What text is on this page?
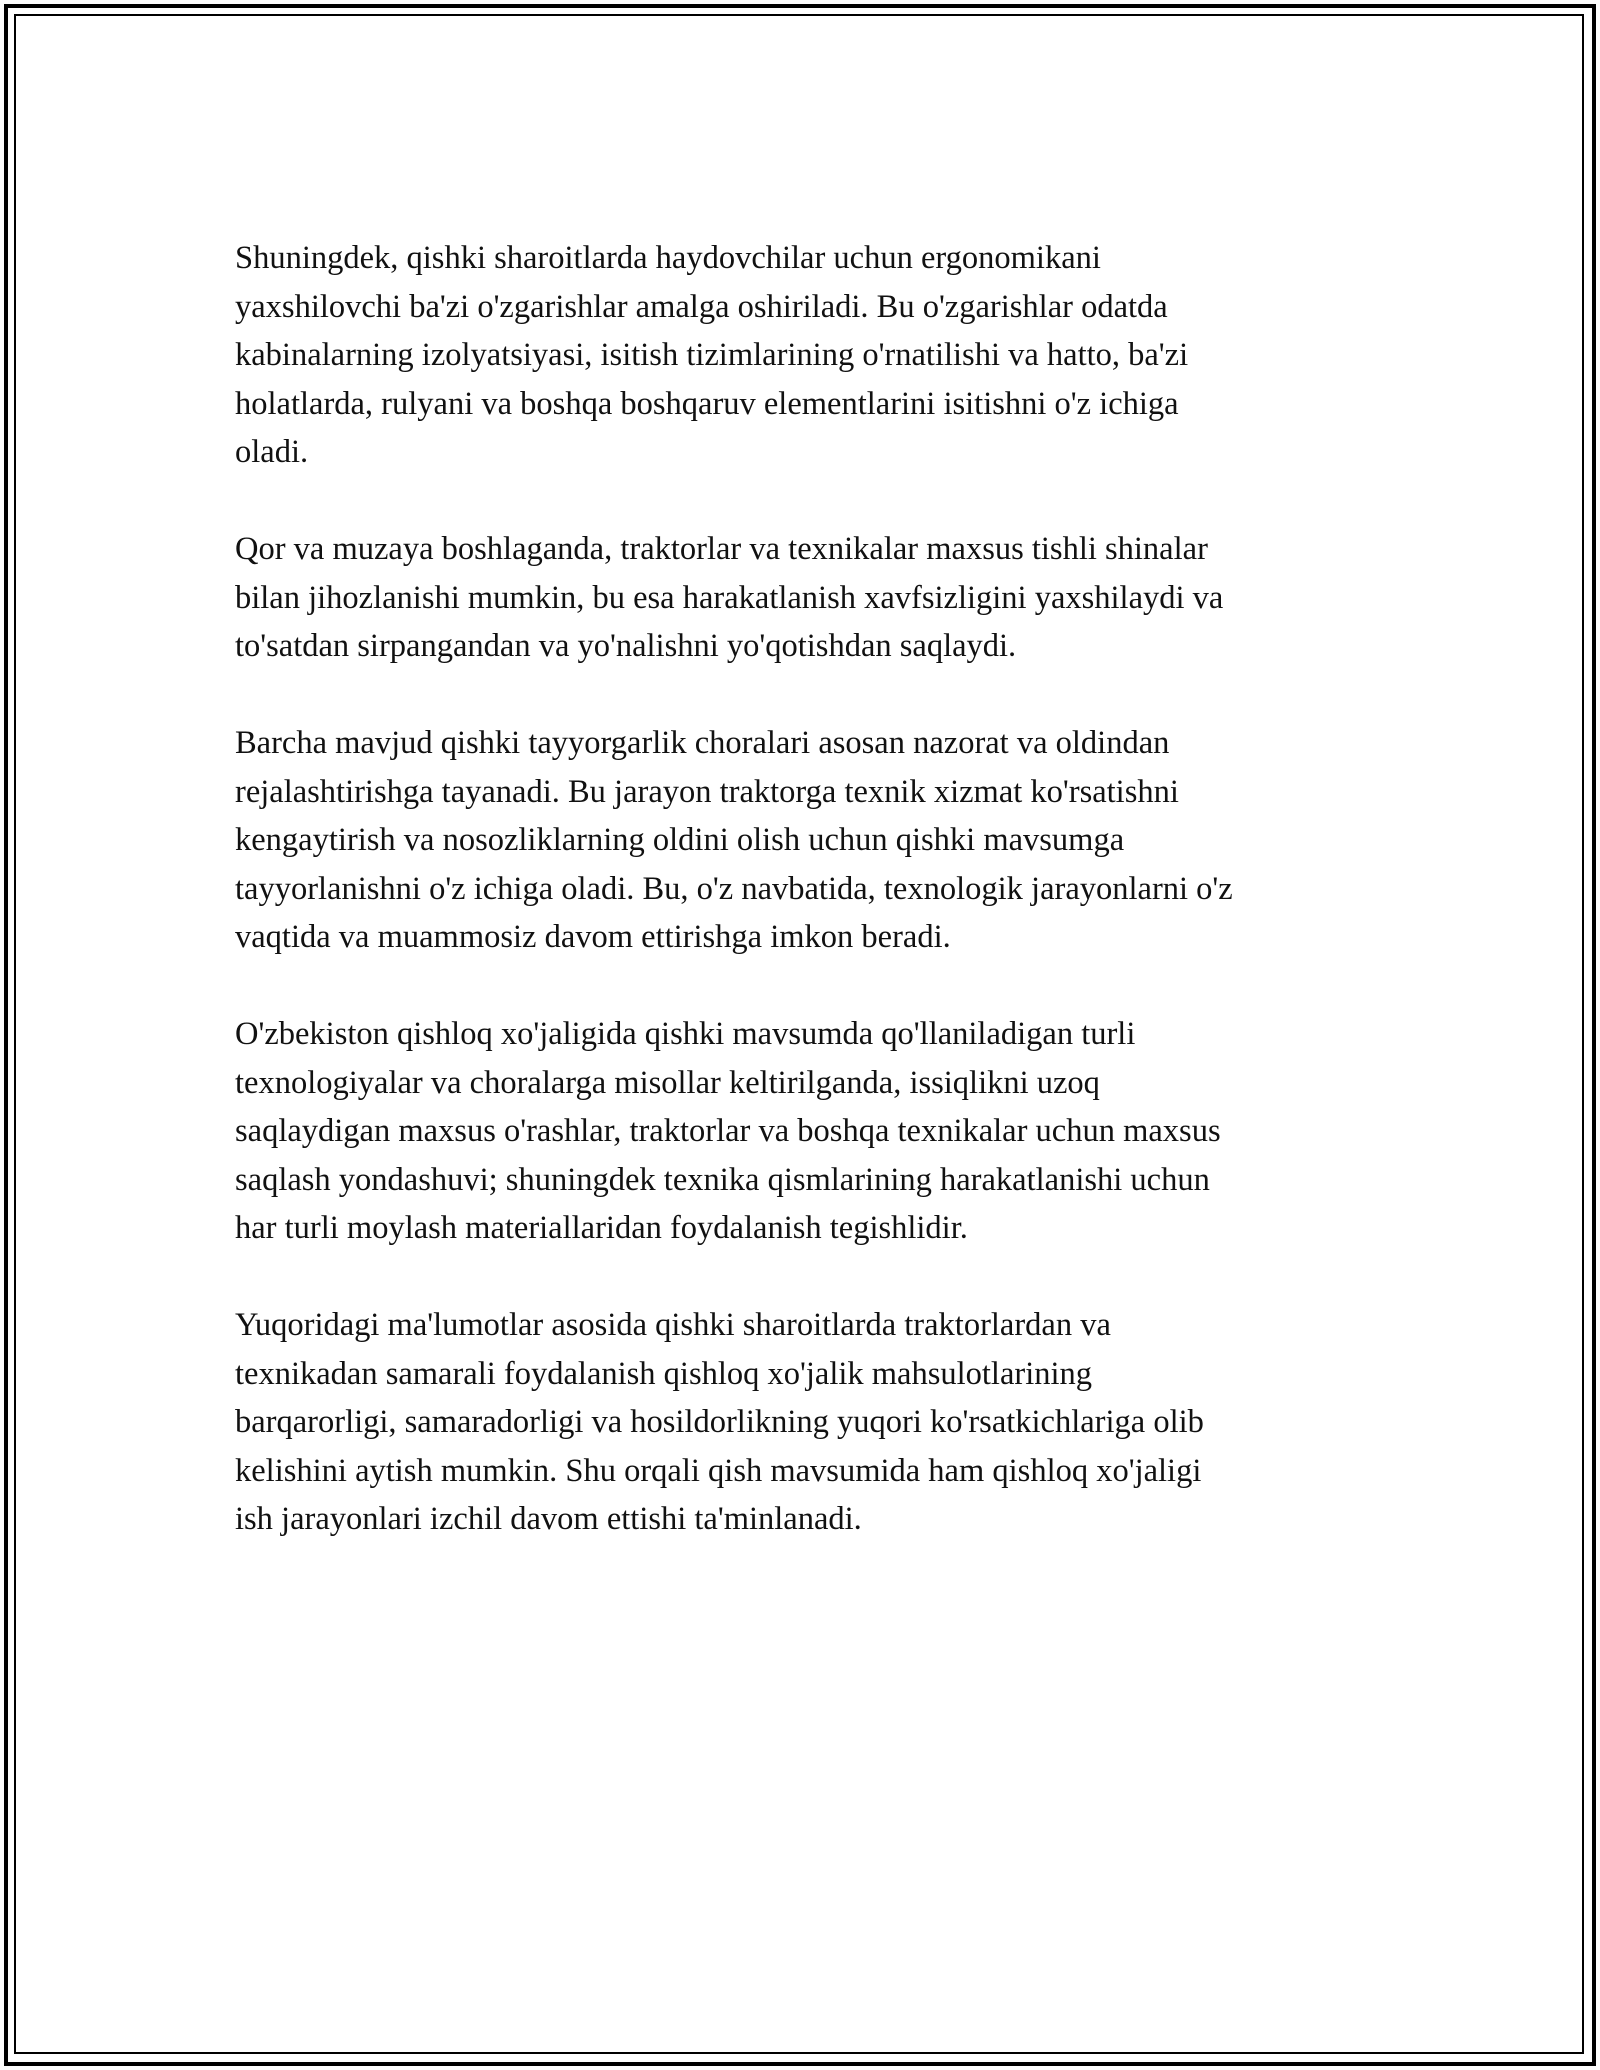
Shuningdek, qishki sharoitlarda haydovchilar uchun ergonomikani
yaxshilovchi ba'zi o'zgarishlar amalga oshiriladi. Bu o'zgarishlar odatda
kabinalarning izolyatsiyasi, isitish tizimlarining o'rnatilishi va hatto, ba'zi
holatlarda, rulyani va boshqa boshqaruv elementlarini isitishni o'z ichiga
oladi.

Qor va muzaya boshlaganda, traktorlar va texnikalar maxsus tishli shinalar
bilan jihozlanishi mumkin, bu esa harakatlanish xavfsizligini yaxshilaydi va
to'satdan sirpangandan va yo'nalishni yo'qotishdan saqlaydi.

Barcha mavjud qishki tayyorgarlik choralari asosan nazorat va oldindan
rejalashtirishga tayanadi. Bu jarayon traktorga texnik xizmat ko'rsatishni
kengaytirish va nosozliklarning oldini olish uchun qishki mavsumga
tayyorlanishni o'z ichiga oladi. Bu, o'z navbatida, texnologik jarayonlarni o'z
vaqtida va muammosiz davom ettirishga imkon beradi.

O'zbekiston qishloq xo'jaligida qishki mavsumda qo'llaniladigan turli
texnologiyalar va choralarga misollar keltirilganda, issiqlikni uzoq
saqlaydigan maxsus o'rashlar, traktorlar va boshqa texnikalar uchun maxsus
saqlash yondashuvi; shuningdek texnika qismlarining harakatlanishi uchun
har turli moylash materiallaridan foydalanish tegishlidir.

Yuqoridagi ma'lumotlar asosida qishki sharoitlarda traktorlardan va
texnikadan samarali foydalanish qishloq xo'jalik mahsulotlarining
barqarorligi, samaradorligi va hosildorlikning yuqori ko'rsatkichlariga olib
kelishini aytish mumkin. Shu orqali qish mavsumida ham qishloq xo'jaligi
ish jarayonlari izchil davom ettishi ta'minlanadi.
